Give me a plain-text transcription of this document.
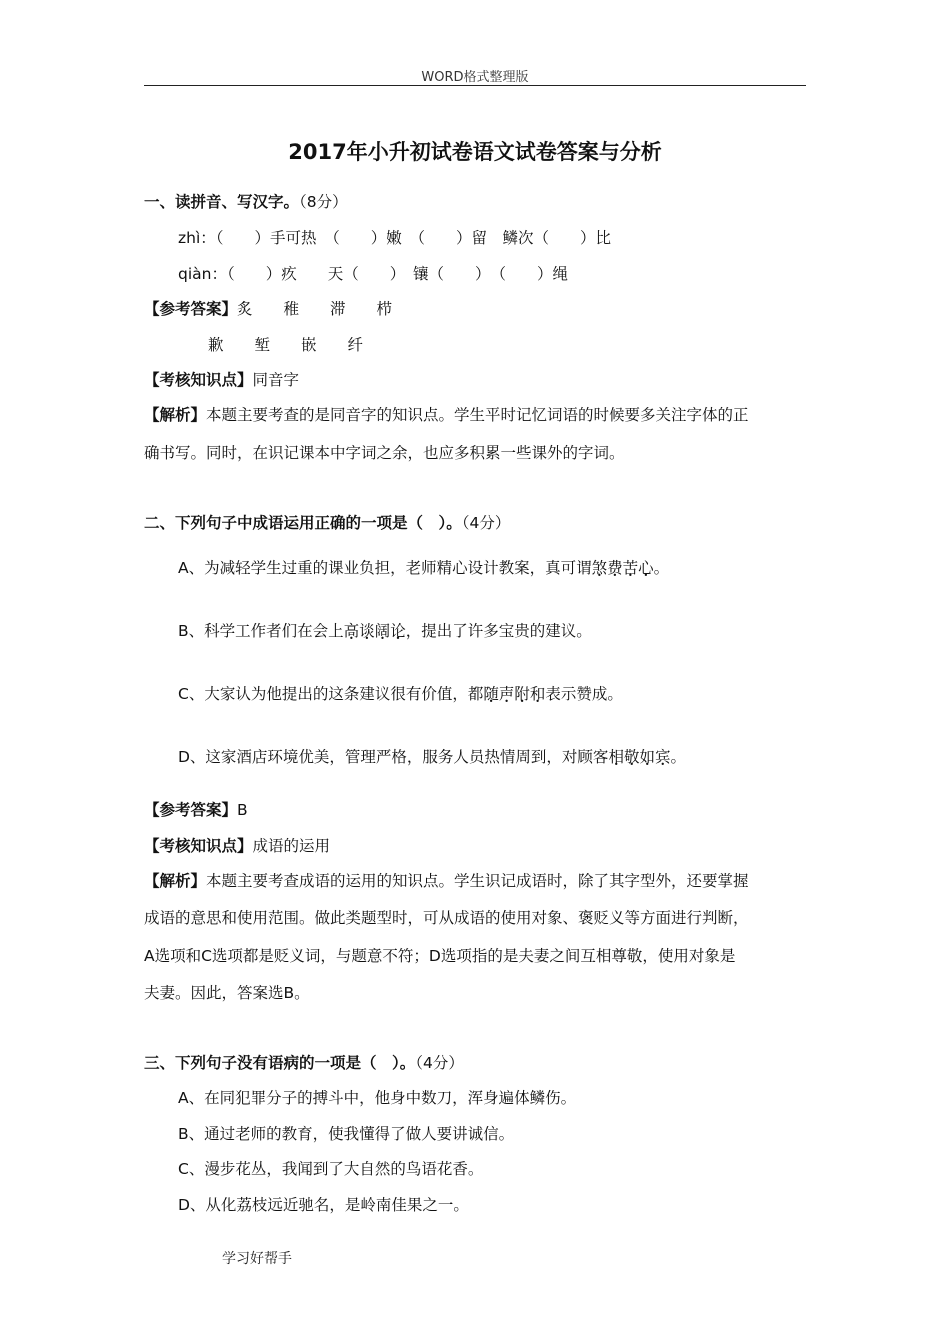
WORD格式整理版
2017年小升初试卷语文试卷答案与分析
一、读拼音、写汉字。（8分）
zhì：（　　）手可热　（　　）嫩　（　　）留　鳞次（　　）比
qiàn：（　　）疚　　天（　　）　镶（　　）　（　　）绳
【参考答案】炙　　稚　　滞　　栉
歉　　堑　　嵌　　纤
【考核知识点】同音字
【解析】本题主要考查的是同音字的知识点。学生平时记忆词语的时候要多关注字体的正
确书写。同时，在识记课本中字词之余，也应多积累一些课外的字词。
二、下列句子中成语运用正确的一项是（　）。（4分）
A、为减轻学生过重的课业负担，老师精心设计教案，真可谓煞费苦心。
B、科学工作者们在会上高谈阔论，提出了许多宝贵的建议。
C、大家认为他提出的这条建议很有价值，都随声附和表示赞成。
D、这家酒店环境优美，管理严格，服务人员热情周到，对顾客相敬如宾。
【参考答案】B
【考核知识点】成语的运用
【解析】本题主要考查成语的运用的知识点。学生识记成语时，除了其字型外，还要掌握
成语的意思和使用范围。做此类题型时，可从成语的使用对象、褒贬义等方面进行判断，
A选项和C选项都是贬义词，与题意不符；D选项指的是夫妻之间互相尊敬，使用对象是
夫妻。因此，答案选B。
三、下列句子没有语病的一项是（　）。（4分）
A、在同犯罪分子的搏斗中，他身中数刀，浑身遍体鳞伤。
B、通过老师的教育，使我懂得了做人要讲诚信。
C、漫步花丛，我闻到了大自然的鸟语花香。
D、从化荔枝远近驰名，是岭南佳果之一。
学习好帮手
